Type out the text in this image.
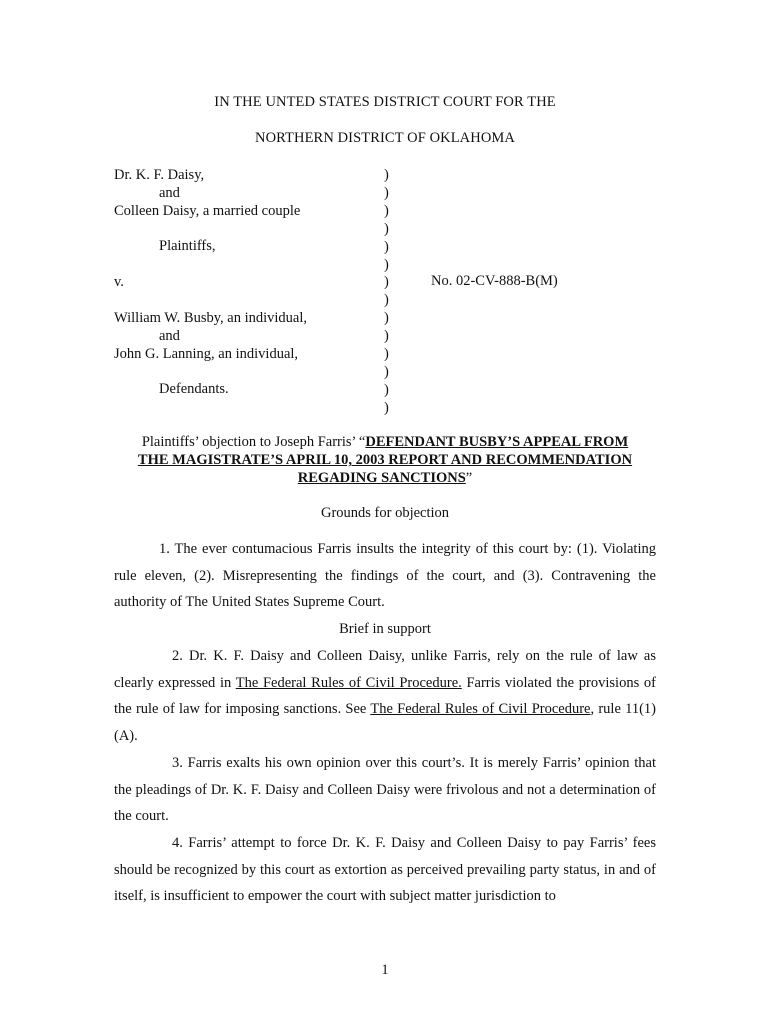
IN THE UNTED STATES DISTRICT COURT FOR THE
NORTHERN DISTRICT OF OKLAHOMA
Dr. K. F. Daisy,
and
Colleen Daisy, a married couple
Plaintiffs,
v.
William W. Busby, an individual,
and
John G. Lanning, an individual,
Defendants.
)
)
)
)
)
)
)
)
)
)
)
)
)
)
No. 02-CV-888-B(M)
Plaintiffs’ objection to Joseph Farris’ “DEFENDANT BUSBY’S APPEAL FROM
THE MAGISTRATE’S APRIL 10, 2003 REPORT AND RECOMMENDATION
REGADING SANCTIONS”
Grounds for objection

1. The ever contumacious Farris insults the integrity of this court by: (1). Violating rule eleven, (2). Misrepresenting the findings of the court, and (3). Contravening the authority of The United States Supreme Court.

Brief in support

2. Dr. K. F. Daisy and Colleen Daisy, unlike Farris, rely on the rule of law as clearly expressed in The Federal Rules of Civil Procedure. Farris violated the provisions of the rule of law for imposing sanctions. See The Federal Rules of Civil Procedure, rule 11(1)(A).

3. Farris exalts his own opinion over this court’s. It is merely Farris’ opinion that the pleadings of Dr. K. F. Daisy and Colleen Daisy were frivolous and not a determination of the court.

4. Farris’ attempt to force Dr. K. F. Daisy and Colleen Daisy to pay Farris’ fees should be recognized by this court as extortion as perceived prevailing party status, in and of itself, is insufficient to empower the court with subject matter jurisdiction to

1
